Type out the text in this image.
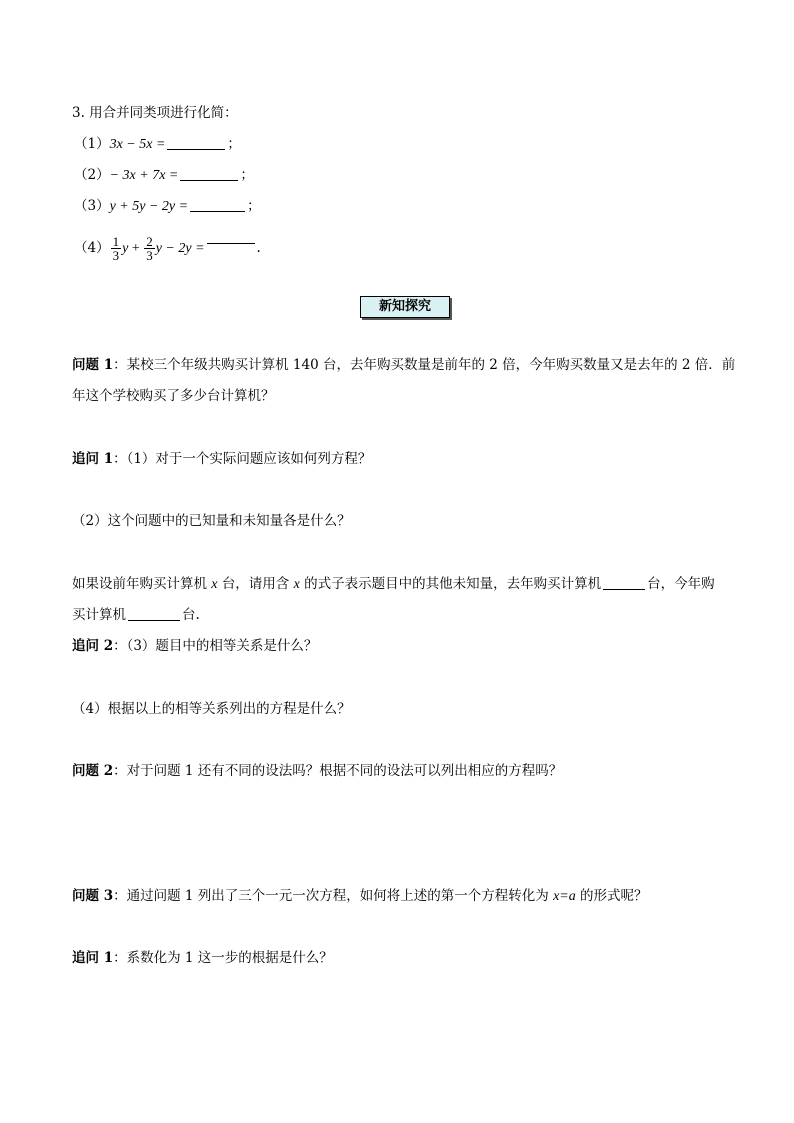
3. 用合并同类项进行化简：
（1）3x − 5x =	；
（2）− 3x + 7x =	；
（3）y + 5y − 2y =	；
$(4) \frac{1}{3}$ $y + \frac{2}{3}$ y − 2y =	.
新知探究
问题 1：某校三个年级共购买计算机 140 台，去年购买数量是前年的 2 倍，今年购买数量又是去年的 2 倍．前
年这个学校购买了多少台计算机？
追问 1：（1）对于一个实际问题应该如何列方程？
（2）这个问题中的已知量和未知量各是什么？
如果设前年购买计算机 x 台，请用含 x 的式子表示题目中的其他未知量，去年购买计算机	台，今年购
买计算机	台.
追问 2：（3）题目中的相等关系是什么？
（4）根据以上的相等关系列出的方程是什么？
问题 2：对于问题 1 还有不同的设法吗？根据不同的设法可以列出相应的方程吗？
问题 3：通过问题 1 列出了三个一元一次方程，如何将上述的第一个方程转化为 x=a 的形式呢？
追问 1：系数化为 1 这一步的根据是什么？
